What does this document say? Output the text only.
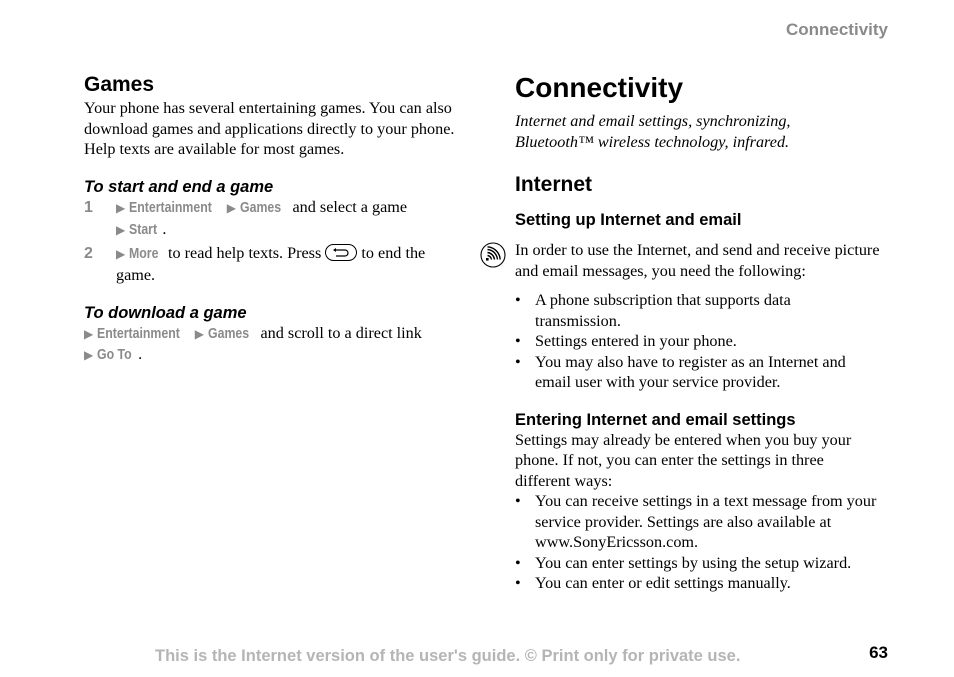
Connectivity
Games

Your phone has several entertaining games. You can also download games and applications directly to your phone. Help texts are available for most games.

To start and end a game
1	▶ Entertainment ▶ Games and select a game
▶ Start .
2	▶ More to read help texts. Press
to end the game.
To download a game
▶ Entertainment ▶ Games and scroll to a direct link
▶ Go To .
Connectivity

Internet and email settings, synchronizing, Bluetooth™ wireless technology, infrared.

Internet
Setting up Internet and email

In order to use the Internet, and send and receive picture and email messages, you need the following:

• A phone subscription that supports data transmission.
• Settings entered in your phone.
• You may also have to register as an Internet and email user with your service provider.
Entering Internet and email settings

Settings may already be entered when you buy your phone. If not, you can enter the settings in three different ways:

• You can receive settings in a text message from your service provider. Settings are also available at www.SonyEricsson.com.
• You can enter settings by using the setup wizard.
• You can enter or edit settings manually.
This is the Internet version of the user's guide. © Print only for private use.	63
